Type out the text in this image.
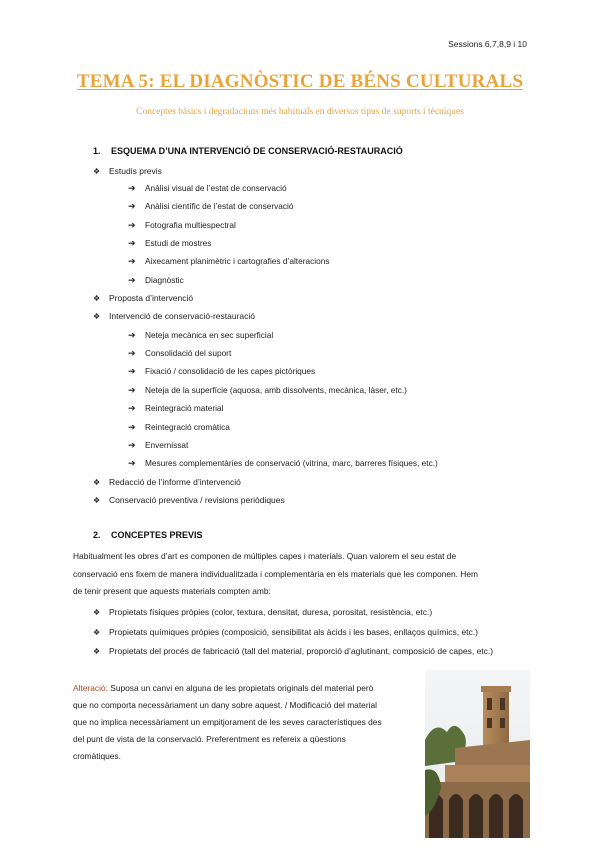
Sessions 6,7,8,9 i 10
TEMA 5: EL DIAGNÒSTIC DE BÉNS CULTURALS
Conceptes bàsics i degradacions més habituals en diversos tipus de suports i tècniques
1. ESQUEMA D’UNA INTERVENCIÓ DE CONSERVACIÓ-RESTAURACIÓ
❖ Estudis previs
➔ Anàlisi visual de l’estat de conservació
➔ Anàlisi científic de l’estat de conservació
➔ Fotografia multiespectral
➔ Estudi de mostres
➔ Aixecament planimètric i cartografies d’alteracions
➔ Diagnòstic
❖ Proposta d’intervenció
❖ Intervenció de conservació-restauració
➔ Neteja mecànica en sec superficial
➔ Consolidació del suport
➔ Fixació / consolidació de les capes pictòriques
➔ Neteja de la superfície (aquosa, amb dissolvents, mecànica, làser, etc.)
➔ Reintegració material
➔ Reintegració cromàtica
➔ Envernissat
➔ Mesures complementàries de conservació (vitrina, marc, barreres físiques, etc.)
❖ Redacció de l’informe d’intervenció
❖ Conservació preventiva / revisions periòdiques
2. CONCEPTES PREVIS
Habitualment les obres d’art es componen de múltiples capes i materials. Quan valorem el seu estat de
conservació ens fixem de manera individualitzada i complementària en els materials que les componen. Hem
de tenir present que aquests materials compten amb:
❖ Propietats físiques pròpies (color, textura, densitat, duresa, porositat, resistència, etc.)
❖ Propietats químiques pròpies (composició, sensibilitat als àcids i les bases, enllaços químics, etc.)
❖ Propietats del procés de fabricació (tall del material, proporció d’aglutinant, composició de capes, etc.)
Alteració: Suposa un canvi en alguna de les propietats originals del material però
que no comporta necessàriament un dany sobre aquest. / Modificació del material
que no implica necessàriament un empitjorament de les seves característiques des
del punt de vista de la conservació. Preferentment es refereix a qüestions
cromàtiques.
